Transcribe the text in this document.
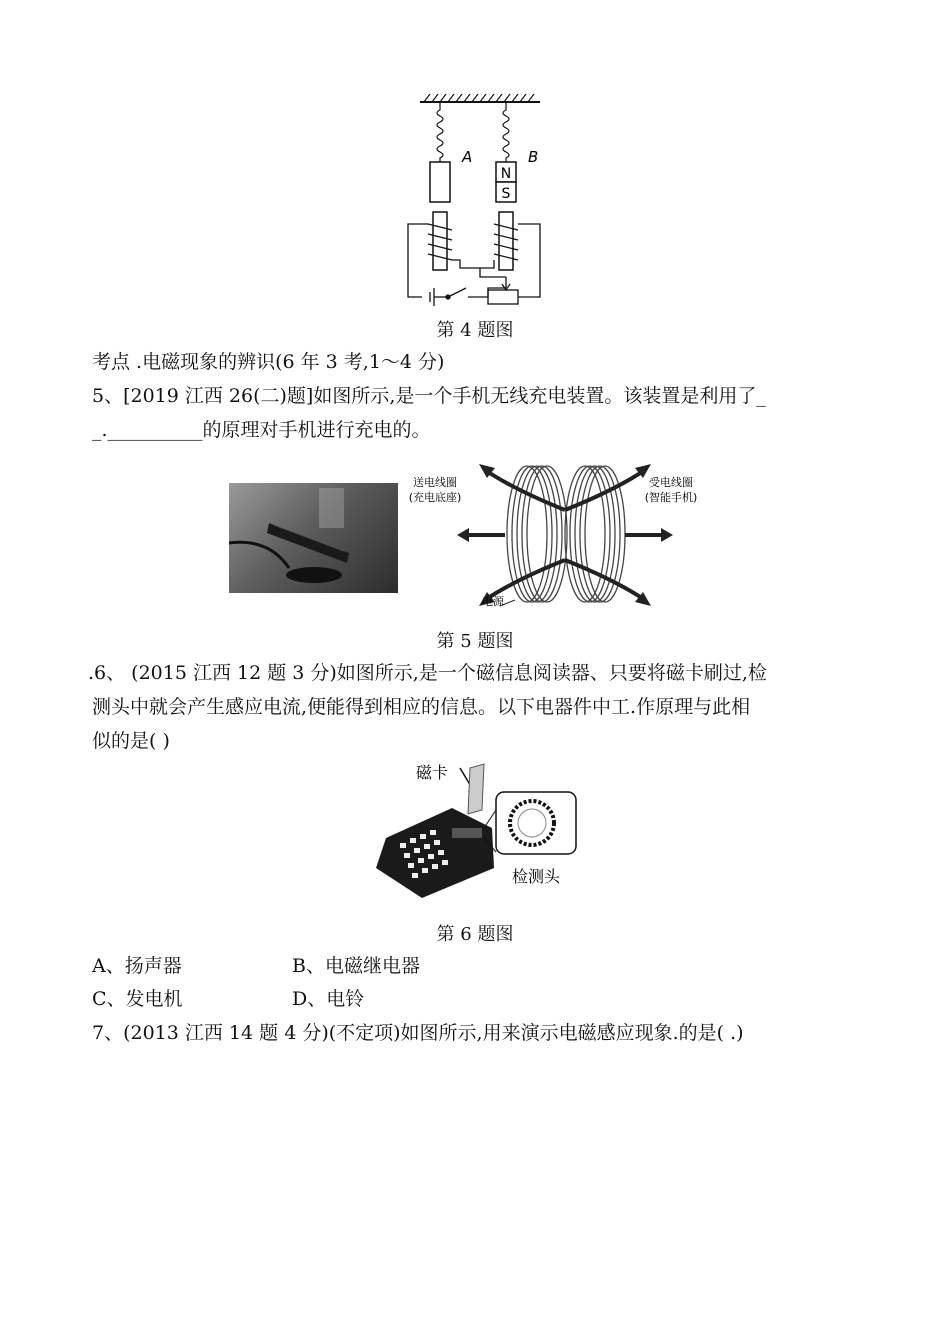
N
S
A	B
第 4 题图
考点 .电磁现象的辨识(6 年 3 考,1～4 分)
5、[2019 江西 26(二)题]如图所示,是一个手机无线充电装置。该装置是利用了_
_.__________的原理对手机进行充电的。
送电线圈
(充电底座)
受电线圈
(智能手机)
电源
第 5 题图
.6、 (2015 江西 12 题 3 分)如图所示,是一个磁信息阅读器、只要将磁卡刷过,检
测头中就会产生感应电流,便能得到相应的信息。以下电器件中工.作原理与此相
似的是( )
磁卡
检测头
第 6 题图
A、扬声器	B、电磁继电器
C、发电机	D、电铃
7、(2013 江西 14 题 4 分)(不定项)如图所示,用来演示电磁感应现象.的是( .)
